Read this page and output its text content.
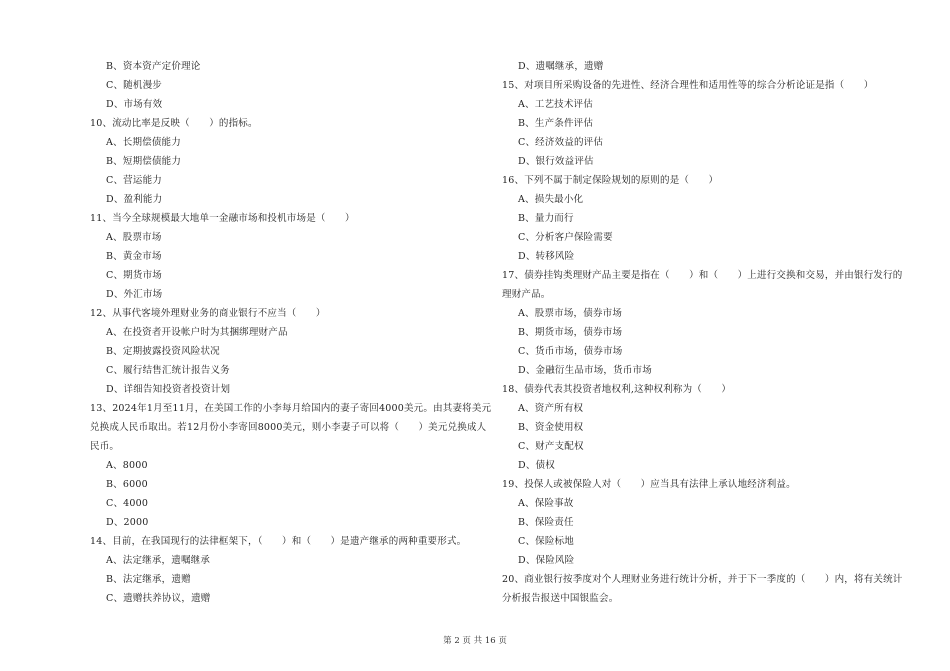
B、资本资产定价理论
C、随机漫步
D、市场有效
10、流动比率是反映（　　）的指标。
A、长期偿债能力
B、短期偿债能力
C、营运能力
D、盈利能力
11、当今全球规模最大地单一金融市场和投机市场是（　　）
A、股票市场
B、黄金市场
C、期货市场
D、外汇市场
12、从事代客境外理财业务的商业银行不应当（　　）
A、在投资者开设帐户时为其捆绑理财产品
B、定期披露投资风险状况
C、履行结售汇统计报告义务
D、详细告知投资者投资计划
13、2024年1月至11月，在美国工作的小李每月给国内的妻子寄回4000美元。由其妻将美元
兑换成人民币取出。若12月份小李寄回8000美元，则小李妻子可以将（　　）美元兑换成人
民币。
A、8000
B、6000
C、4000
D、2000
14、目前，在我国现行的法律框架下，（　　）和（　　）是遗产继承的两种重要形式。
A、法定继承，遗嘱继承
B、法定继承，遗赠
C、遗赠扶养协议，遗赠
D、遗嘱继承，遗赠
15、对项目所采购设备的先进性、经济合理性和适用性等的综合分析论证是指（　　）
A、工艺技术评估
B、生产条件评估
C、经济效益的评估
D、银行效益评估
16、下列不属于制定保险规划的原则的是（　　）
A、损失最小化
B、量力而行
C、分析客户保险需要
D、转移风险
17、债券挂钩类理财产品主要是指在（　　）和（　　）上进行交换和交易，并由银行发行的
理财产品。
A、股票市场，债券市场
B、期货市场，债券市场
C、货币市场，债券市场
D、金融衍生品市场，货币市场
18、债券代表其投资者地权利,这种权利称为（　　）
A、资产所有权
B、资金使用权
C、财产支配权
D、债权
19、投保人或被保险人对（　　）应当具有法律上承认地经济利益。
A、保险事故
B、保险责任
C、保险标地
D、保险风险
20、商业银行按季度对个人理财业务进行统计分析，并于下一季度的（　　）内，将有关统计
分析报告报送中国银监会。
第 2 页 共 16 页
